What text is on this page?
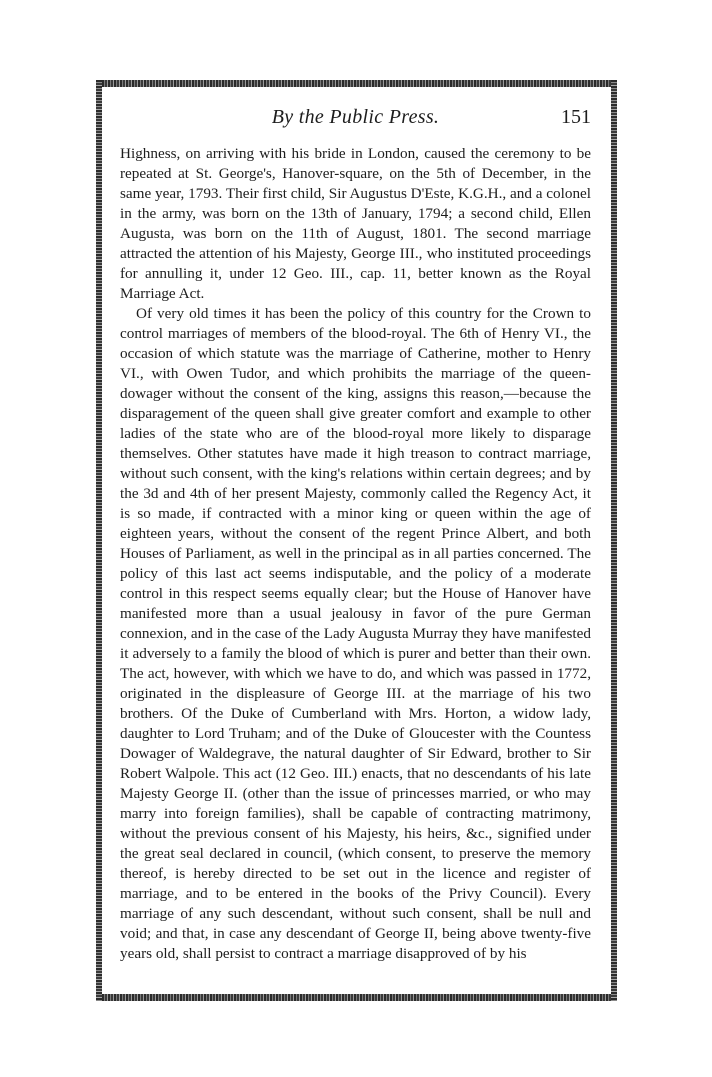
By the Public Press.	151

Highness, on arriving with his bride in London, caused the ceremony to be repeated at St. George's, Hanover-square, on the 5th of December, in the same year, 1793. Their first child, Sir Augustus D'Este, K.G.H., and a colonel in the army, was born on the 13th of January, 1794; a second child, Ellen Augusta, was born on the 11th of August, 1801. The second marriage attracted the attention of his Majesty, George III., who instituted proceedings for annulling it, under 12 Geo. III., cap. 11, better known as the Royal Marriage Act.

Of very old times it has been the policy of this country for the Crown to control marriages of members of the blood-royal. The 6th of Henry VI., the occasion of which statute was the marriage of Catherine, mother to Henry VI., with Owen Tudor, and which prohibits the marriage of the queen-dowager without the consent of the king, assigns this reason,—because the disparagement of the queen shall give greater comfort and example to other ladies of the state who are of the blood-royal more likely to disparage themselves. Other statutes have made it high treason to contract marriage, without such consent, with the king's relations within certain degrees; and by the 3d and 4th of her present Majesty, commonly called the Regency Act, it is so made, if contracted with a minor king or queen within the age of eighteen years, without the consent of the regent Prince Albert, and both Houses of Parliament, as well in the principal as in all parties concerned. The policy of this last act seems indisputable, and the policy of a moderate control in this respect seems equally clear; but the House of Hanover have manifested more than a usual jealousy in favor of the pure German connexion, and in the case of the Lady Augusta Murray they have manifested it adversely to a family the blood of which is purer and better than their own. The act, however, with which we have to do, and which was passed in 1772, originated in the displeasure of George III. at the marriage of his two brothers. Of the Duke of Cumberland with Mrs. Horton, a widow lady, daughter to Lord Truham; and of the Duke of Gloucester with the Countess Dowager of Waldegrave, the natural daughter of Sir Edward, brother to Sir Robert Walpole. This act (12 Geo. III.) enacts, that no descendants of his late Majesty George II. (other than the issue of princesses married, or who may marry into foreign families), shall be capable of contracting matrimony, without the previous consent of his Majesty, his heirs, &c., signified under the great seal declared in council, (which consent, to preserve the memory thereof, is hereby directed to be set out in the licence and register of marriage, and to be entered in the books of the Privy Council). Every marriage of any such descendant, without such consent, shall be null and void; and that, in case any descendant of George II, being above twenty-five years old, shall persist to contract a marriage disapproved of by his
